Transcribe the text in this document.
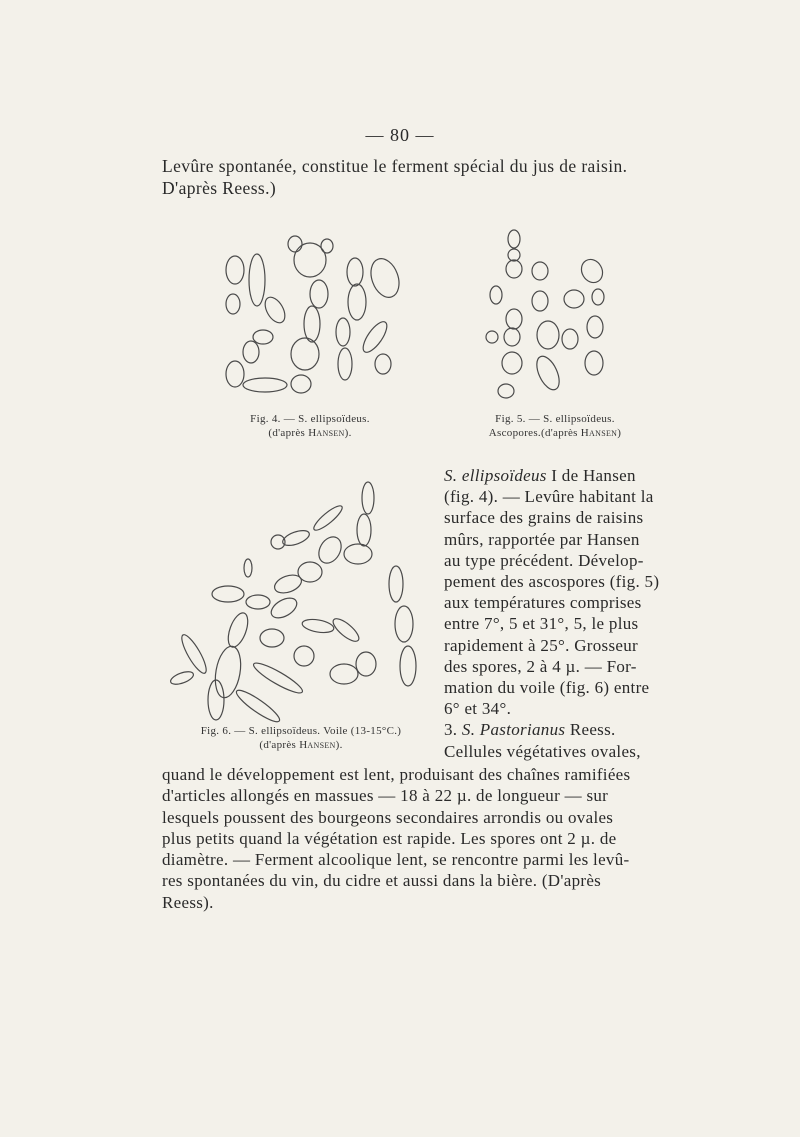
— 80 —
Levûre spontanée, constitue le ferment spécial du jus de raisin.
D'après Reess.)
Fig. 4. — S. ellipsoïdeus.
(d'après Hansen).
Fig. 5. — S. ellipsoïdeus.
Ascopores.(d'après Hansen)
Fig. 6. — S. ellipsoïdeus. Voile (13-15°C.)
(d'après Hansen).
S. ellipsoïdeus I de Hansen
(fig. 4). — Levûre habitant la
surface des grains de raisins
mûrs, rapportée par Hansen
au type précédent. Dévelop-
pement des ascospores (fig. 5)
aux températures comprises
entre 7°, 5 et 31°, 5, le plus
rapidement à 25°. Grosseur
des spores, 2 à 4 µ. — For-
mation du voile (fig. 6) entre
6° et 34°.
3. S. Pastorianus Reess.
Cellules végétatives ovales,
quand le développement est lent, produisant des chaînes ramifiées
d'articles allongés en massues — 18 à 22 µ. de longueur — sur
lesquels poussent des bourgeons secondaires arrondis ou ovales
plus petits quand la végétation est rapide. Les spores ont 2 µ. de
diamètre. — Ferment alcoolique lent, se rencontre parmi les levû-
res spontanées du vin, du cidre et aussi dans la bière. (D'après
Reess).
